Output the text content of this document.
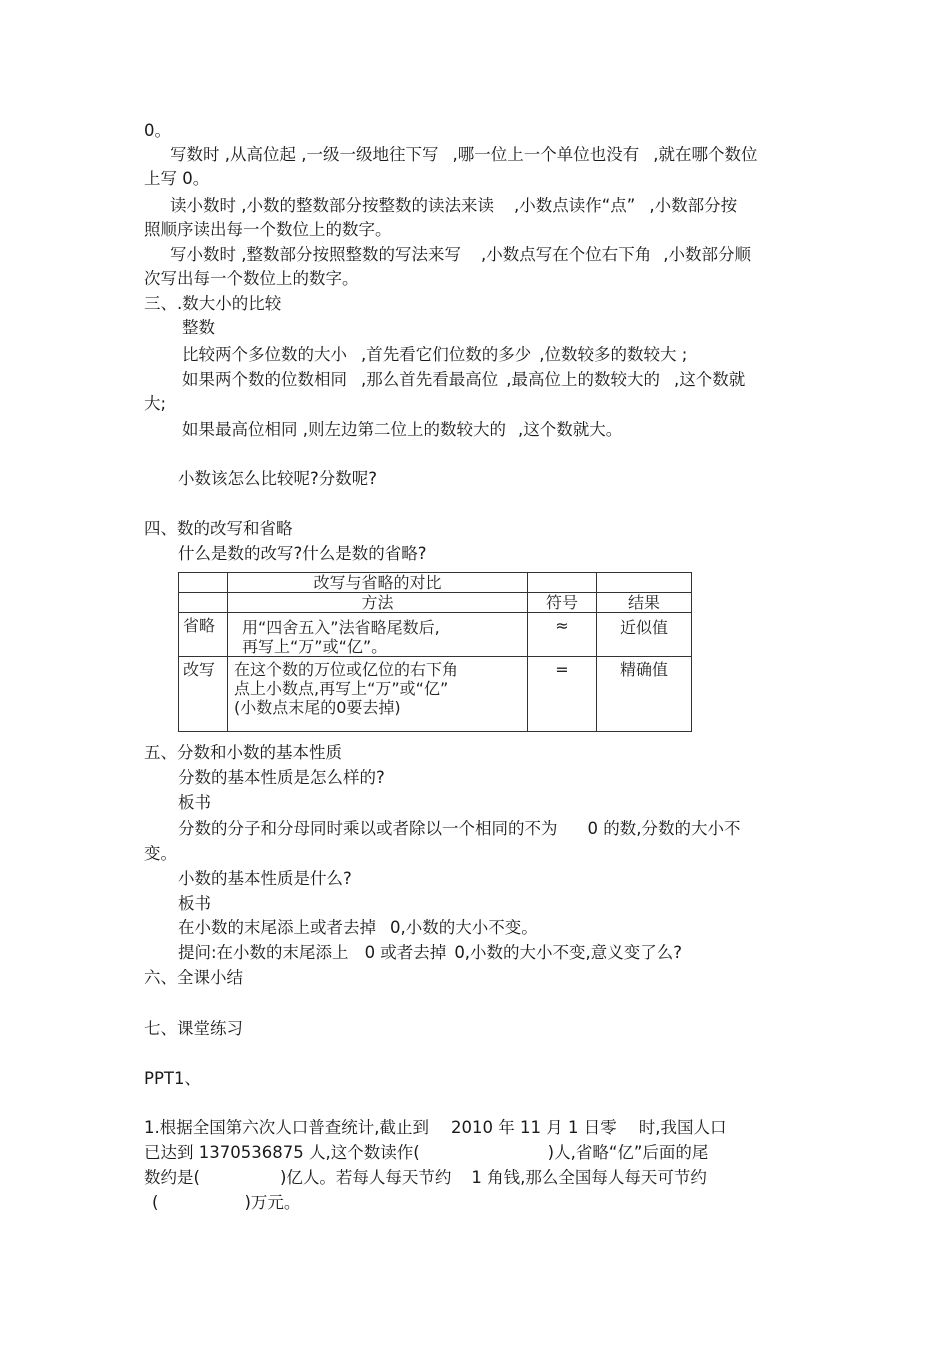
0。
写数时 ,从高位起 ,一级一级地往下写 ,哪一位上一个单位也没有 ,就在哪个数位
上写 0。
读小数时 ,小数的整数部分按整数的读法来读 ,小数点读作“点” ,小数部分按
照顺序读出每一个数位上的数字。
写小数时 ,整数部分按照整数的写法来写 ,小数点写在个位右下角 ,小数部分顺
次写出每一个数位上的数字。
三、.数大小的比较
整数
比较两个多位数的大小 ,首先看它们位数的多少 ,位数较多的数较大 ;
如果两个数的位数相同 ,那么首先看最高位 ,最高位上的数较大的 ,这个数就
大;
如果最高位相同 ,则左边第二位上的数较大的 ,这个数就大。
小数该怎么比较呢?分数呢?
四、数的改写和省略
什么是数的改写?什么是数的省略?
	改写与省略的对比		
	方法	符号	结果
省略	用“四舍五入”法省略尾数后,
再写上“万”或“亿”。	≈	近似值
改写	在这个数的万位或亿位的右下角
点上小数点,再写上“万”或“亿”
(小数点末尾的0要去掉)	=	精确值
五、分数和小数的基本性质
分数的基本性质是怎么样的?
板书
分数的分子和分母同时乘以或者除以一个相同的不为 0 的数,分数的大小不
变。
小数的基本性质是什么?
板书
在小数的末尾添上或者去掉 0,小数的大小不变。
提问:在小数的末尾添上 0 或者去掉 0,小数的大小不变,意义变了么?
六、全课小结
七、课堂练习
PPT1、
1.根据全国第六次人口普查统计,截止到 2010 年 11 月 1 日零 时,我国人口
已达到 1370536875 人,这个数读作(	)人,省略“亿”后面的尾
数约是(	)亿人。若每人每天节约 1 角钱,那么全国每人每天可节约
(	)万元。
